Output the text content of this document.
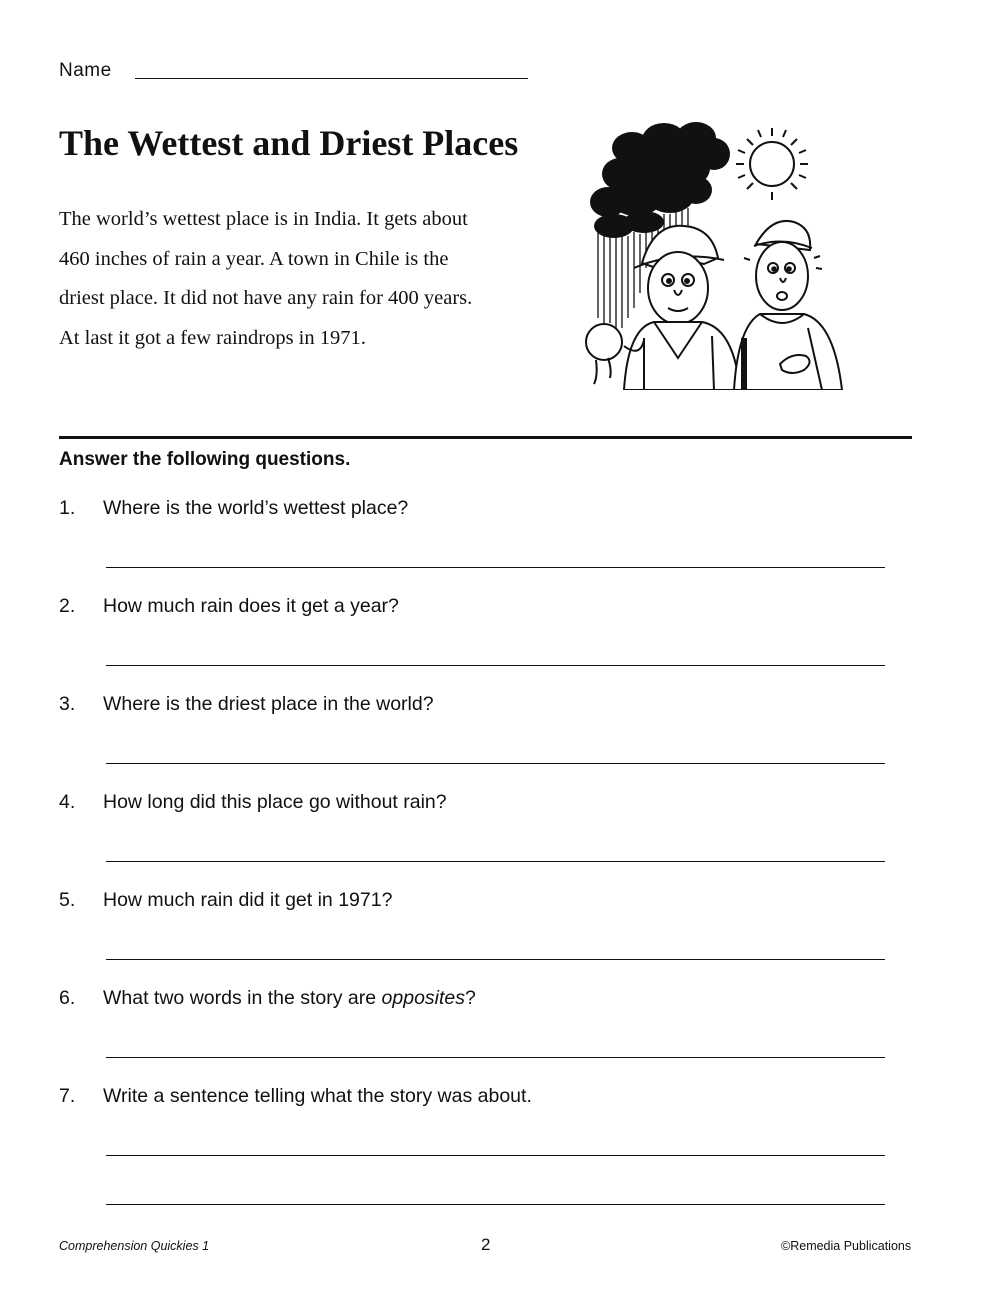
Name
The Wettest and Driest Places
The world’s wettest place is in India. It gets about
460 inches of rain a year. A town in Chile is the
driest place. It did not have any rain for 400 years.
At last it got a few raindrops in 1971.

Answer the following questions.

1. Where is the world’s wettest place?
2. How much rain does it get a year?
3. Where is the driest place in the world?
4. How long did this place go without rain?
5. How much rain did it get in 1971?
6. What two words in the story are opposites?
7. Write a sentence telling what the story was about.
Comprehension Quickies 1	2	©Remedia Publications
